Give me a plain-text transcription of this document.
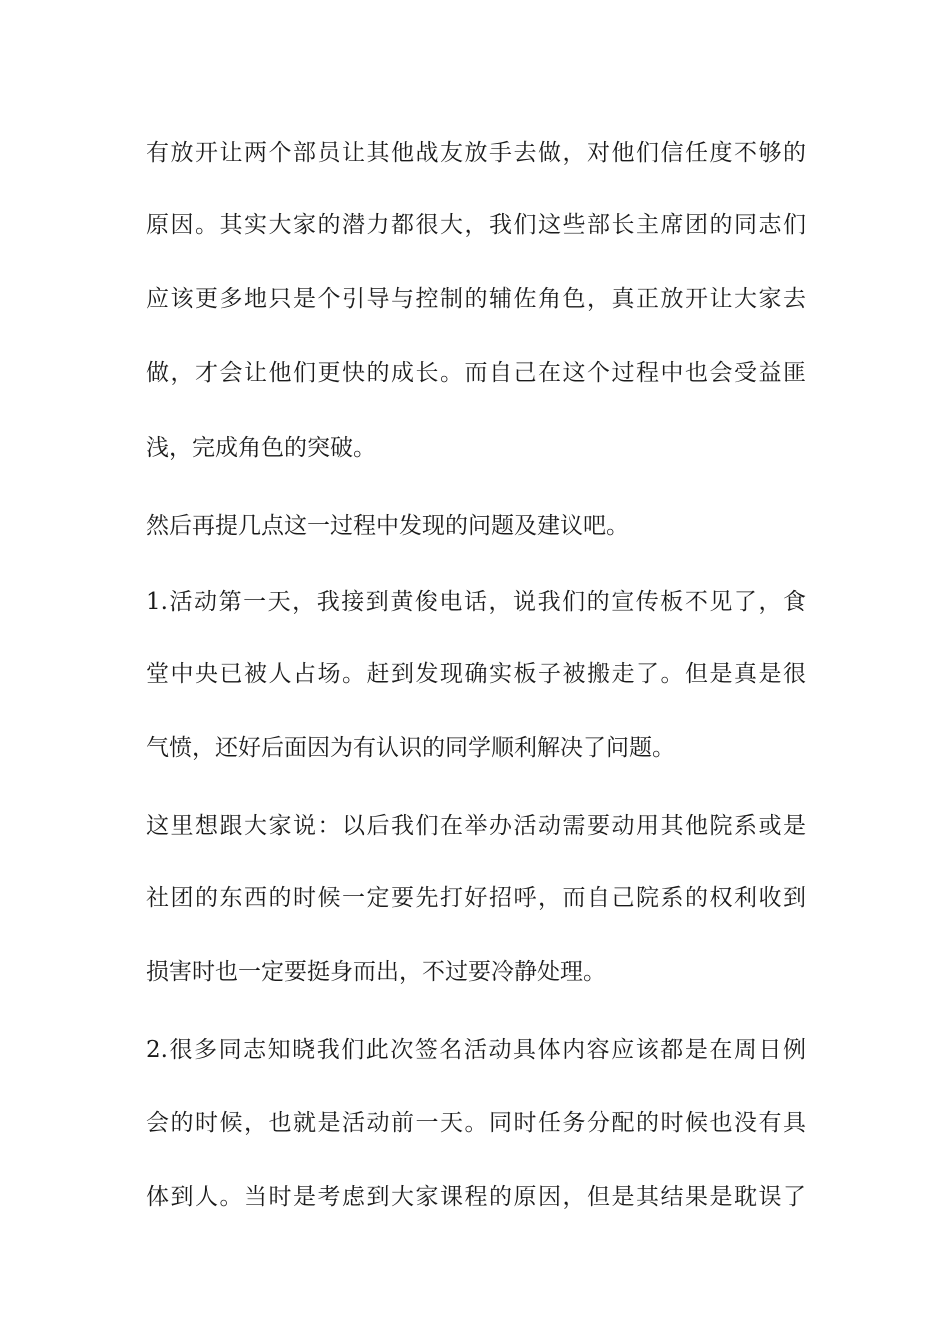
有放开让两个部员让其他战友放手去做，对他们信任度不够的
原因。其实大家的潜力都很大，我们这些部长主席团的同志们
应该更多地只是个引导与控制的辅佐角色，真正放开让大家去
做，才会让他们更快的成长。而自己在这个过程中也会受益匪
浅，完成角色的突破。
然后再提几点这一过程中发现的问题及建议吧。
1.活动第一天，我接到黄俊电话，说我们的宣传板不见了，食
堂中央已被人占场。赶到发现确实板子被搬走了。但是真是很
气愤，还好后面因为有认识的同学顺利解决了问题。
这里想跟大家说：以后我们在举办活动需要动用其他院系或是
社团的东西的时候一定要先打好招呼，而自己院系的权利收到
损害时也一定要挺身而出，不过要冷静处理。
2.很多同志知晓我们此次签名活动具体内容应该都是在周日例
会的时候，也就是活动前一天。同时任务分配的时候也没有具
体到人。当时是考虑到大家课程的原因，但是其结果是耽误了
